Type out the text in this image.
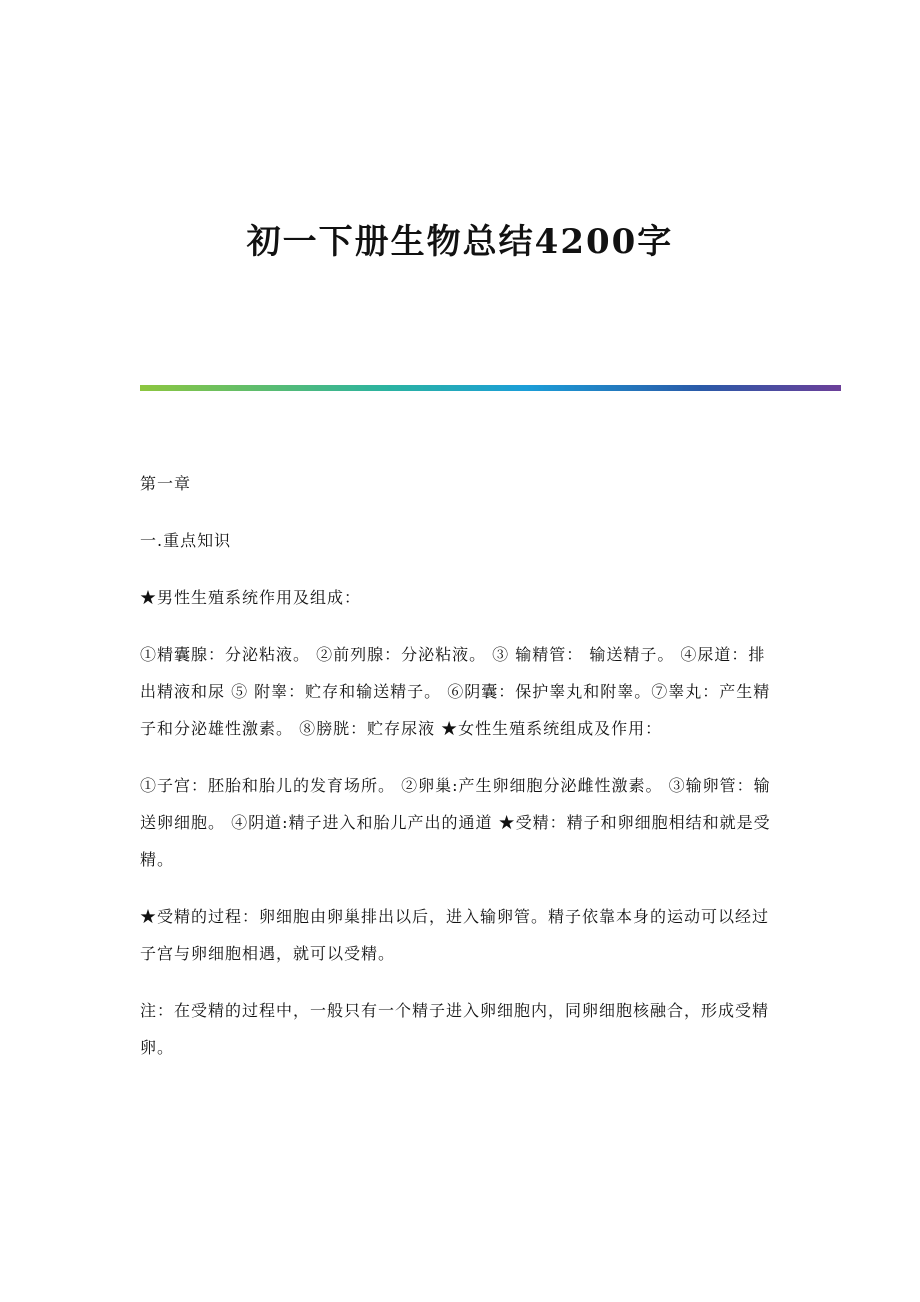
初一下册生物总结4200字

第一章

一.重点知识

★男性生殖系统作用及组成：

①精囊腺：分泌粘液。 ②前列腺：分泌粘液。 ③ 输精管： 输送精子。 ④尿道：排出精液和尿 ⑤ 附睾：贮存和输送精子。 ⑥阴囊：保护睾丸和附睾。⑦睾丸：产生精子和分泌雄性激素。 ⑧膀胱：贮存尿液 ★女性生殖系统组成及作用：

①子宫：胚胎和胎儿的发育场所。 ②卵巢:产生卵细胞分泌雌性激素。 ③输卵管：输送卵细胞。 ④阴道:精子进入和胎儿产出的通道 ★受精：精子和卵细胞相结和就是受精。

★受精的过程：卵细胞由卵巢排出以后，进入输卵管。精子依靠本身的运动可以经过子宫与卵细胞相遇，就可以受精。

注：在受精的过程中，一般只有一个精子进入卵细胞内，同卵细胞核融合，形成受精卵。
